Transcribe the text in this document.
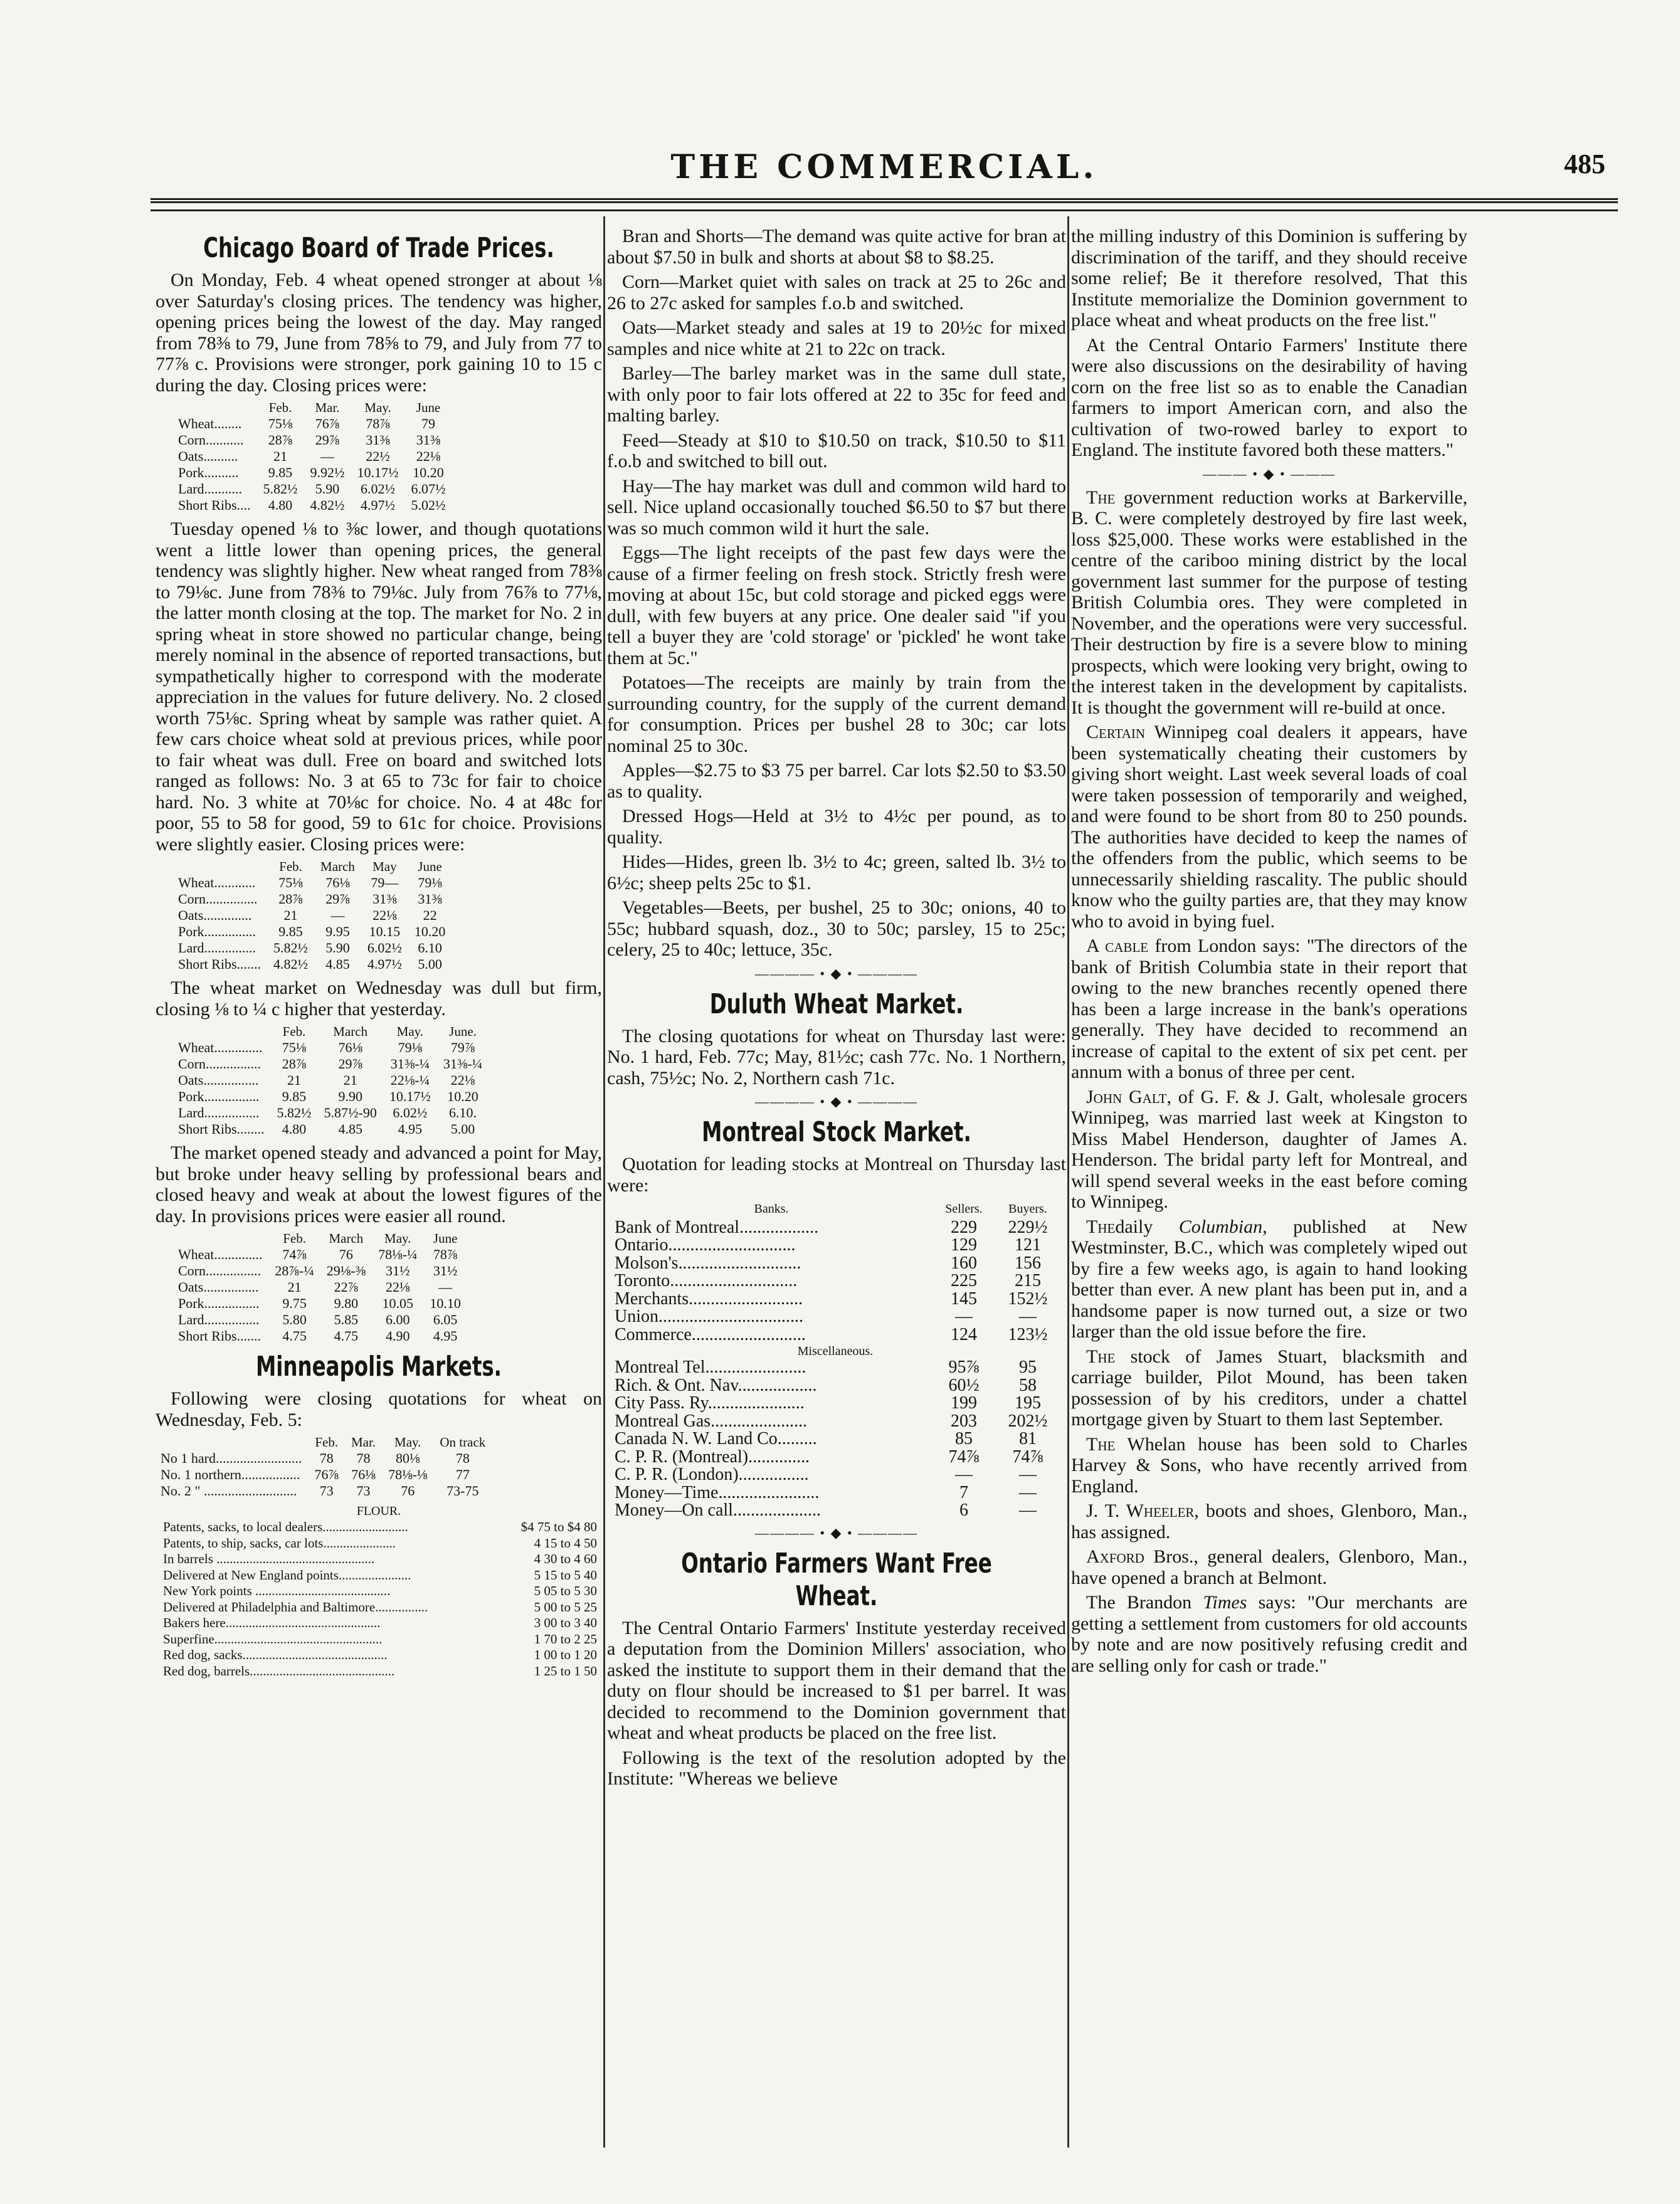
THE COMMERCIAL.	485
Chicago Board of Trade Prices.

On Monday, Feb. 4 wheat opened stronger at about ⅛ over Saturday's closing prices. The tendency was higher, opening prices being the lowest of the day. May ranged from 78⅜ to 79, June from 78⅝ to 79, and July from 77 to 77⅞ c. Provisions were stronger, pork gaining 10 to 15 c during the day. Closing prices were:

	Feb.	Mar.	May.	June
Wheat........	75⅛	76⅞	78⅞	79
Corn...........	28⅞	29⅞	31⅜	31⅜
Oats..........	21	—	22½	22⅛
Pork..........	9.85	9.92½	10.17½	10.20
Lard...........	5.82½	5.90	6.02½	6.07½
Short Ribs....	4.80	4.82½	4.97½	5.02½

Tuesday opened ⅛ to ⅜c lower, and though quotations went a little lower than opening prices, the general tendency was slightly higher. New wheat ranged from 78⅜ to 79⅛c. June from 78⅜ to 79⅛c. July from 76⅞ to 77⅛, the latter month closing at the top. The market for No. 2 in spring wheat in store showed no particular change, being merely nominal in the absence of reported transactions, but sympathetically higher to correspond with the moderate appreciation in the values for future delivery. No. 2 closed worth 75⅛c. Spring wheat by sample was rather quiet. A few cars choice wheat sold at previous prices, while poor to fair wheat was dull. Free on board and switched lots ranged as follows: No. 3 at 65 to 73c for fair to choice hard. No. 3 white at 70⅛c for choice. No. 4 at 48c for poor, 55 to 58 for good, 59 to 61c for choice. Provisions were slightly easier. Closing prices were:

	Feb.	March	May	June
Wheat............	75⅛	76⅛	79—	79⅛
Corn...............	28⅞	29⅞	31⅜	31⅜
Oats..............	21	—	22⅛	22
Pork...............	9.85	9.95	10.15	10.20
Lard...............	5.82½	5.90	6.02½	6.10
Short Ribs.......	4.82½	4.85	4.97½	5.00

The wheat market on Wednesday was dull but firm, closing ⅛ to ¼ c higher that yesterday.

	Feb.	March	May.	June.
Wheat..............	75⅛	76⅛	79⅛	79⅞
Corn................	28⅞	29⅞	31⅜-¼	31⅜-¼
Oats................	21	21	22⅛-¼	22⅛
Pork................	9.85	9.90	10.17½	10.20
Lard................	5.82½	5.87½-90	6.02½	6.10.
Short Ribs........	4.80	4.85	4.95	5.00

The market opened steady and advanced a point for May, but broke under heavy selling by professional bears and closed heavy and weak at about the lowest figures of the day. In provisions prices were easier all round.

	Feb.	March	May.	June
Wheat..............	74⅞	76	78⅛-¼	78⅞
Corn................	28⅞-¼	29⅛-⅜	31½	31½
Oats................	21	22⅞	22⅛	—
Pork................	9.75	9.80	10.05	10.10
Lard................	5.80	5.85	6.00	6.05
Short Ribs.......	4.75	4.75	4.90	4.95
Minneapolis Markets.

Following were closing quotations for wheat on Wednesday, Feb. 5:

	Feb.	Mar.	May.	On track
No 1 hard.........................	78	78	80⅛	78
No. 1 northern.................	76⅞	76⅛	78⅛-⅛	77
No. 2 " ...........................	73	73	76	73-75
FLOUR.
Patents, sacks, to local dealers..........................	$4 75 to $4 80
Patents, to ship, sacks, car lots......................	4 15 to 4 50
In barrels ................................................	4 30 to 4 60
Delivered at New England points......................	5 15 to 5 40
New York points .........................................	5 05 to 5 30
Delivered at Philadelphia and Baltimore................	5 00 to 5 25
Bakers here...............................................	3 00 to 3 40
Superfine...................................................	1 70 to 2 25
Red dog, sacks............................................	1 00 to 1 20
Red dog, barrels............................................	1 25 to 1 50

Bran and Shorts—The demand was quite active for bran at about $7.50 in bulk and shorts at about $8 to $8.25.

Corn—Market quiet with sales on track at 25 to 26c and 26 to 27c asked for samples f.o.b and switched.

Oats—Market steady and sales at 19 to 20½c for mixed samples and nice white at 21 to 22c on track.

Barley—The barley market was in the same dull state, with only poor to fair lots offered at 22 to 35c for feed and malting barley.

Feed—Steady at $10 to $10.50 on track, $10.50 to $11 f.o.b and switched to bill out.

Hay—The hay market was dull and common wild hard to sell. Nice upland occasionally touched $6.50 to $7 but there was so much common wild it hurt the sale.

Eggs—The light receipts of the past few days were the cause of a firmer feeling on fresh stock. Strictly fresh were moving at about 15c, but cold storage and picked eggs were dull, with few buyers at any price. One dealer said "if you tell a buyer they are 'cold storage' or 'pickled' he wont take them at 5c."

Potatoes—The receipts are mainly by train from the surrounding country, for the supply of the current demand for consumption. Prices per bushel 28 to 30c; car lots nominal 25 to 30c.

Apples—$2.75 to $3 75 per barrel. Car lots $2.50 to $3.50 as to quality.

Dressed Hogs—Held at 3½ to 4½c per pound, as to quality.

Hides—Hides, green lb. 3½ to 4c; green, salted lb. 3½ to 6½c; sheep pelts 25c to $1.

Vegetables—Beets, per bushel, 25 to 30c; onions, 40 to 55c; hubbard squash, doz., 30 to 50c; parsley, 15 to 25c; celery, 25 to 40c; lettuce, 35c.

———— • ◆ • ————
Duluth Wheat Market.

The closing quotations for wheat on Thursday last were: No. 1 hard, Feb. 77c; May, 81½c; cash 77c. No. 1 Northern, cash, 75½c; No. 2, Northern cash 71c.

———— • ◆ • ————
Montreal Stock Market.

Quotation for leading stocks at Montreal on Thursday last were:

Banks.	Sellers.	Buyers.
Bank of Montreal..................	229	229½
Ontario.............................	129	121
Molson's............................	160	156
Toronto.............................	225	215
Merchants..........................	145	152½
Union.................................	—	—
Commerce..........................	124	123½
Miscellaneous.		
Montreal Tel.......................	95⅞	95
Rich. & Ont. Nav..................	60½	58
City Pass. Ry......................	199	195
Montreal Gas......................	203	202½
Canada N. W. Land Co.........	85	81
C. P. R. (Montreal)..............	74⅞	74⅞
C. P. R. (London)................	—	—
Money—Time.......................	7	—
Money—On call....................	6	—
———— • ◆ • ————
Ontario Farmers Want Free Wheat.

The Central Ontario Farmers' Institute yesterday received a deputation from the Dominion Millers' association, who asked the institute to support them in their demand that the duty on flour should be increased to $1 per barrel. It was decided to recommend to the Dominion government that wheat and wheat products be placed on the free list.

Following is the text of the resolution adopted by the Institute: "Whereas we believe

the milling industry of this Dominion is suffering by discrimination of the tariff, and they should receive some relief; Be it therefore resolved, That this Institute memorialize the Dominion government to place wheat and wheat products on the free list."

At the Central Ontario Farmers' Institute there were also discussions on the desirability of having corn on the free list so as to enable the Canadian farmers to import American corn, and also the cultivation of two-rowed barley to export to England. The institute favored both these matters."

——— • ◆ • ———

The government reduction works at Barkerville, B. C. were completely destroyed by fire last week, loss $25,000. These works were established in the centre of the cariboo mining district by the local government last summer for the purpose of testing British Columbia ores. They were completed in November, and the operations were very successful. Their destruction by fire is a severe blow to mining prospects, which were looking very bright, owing to the interest taken in the development by capitalists. It is thought the government will re-build at once.

Certain Winnipeg coal dealers it appears, have been systematically cheating their customers by giving short weight. Last week several loads of coal were taken possession of temporarily and weighed, and were found to be short from 80 to 250 pounds. The authorities have decided to keep the names of the offenders from the public, which seems to be unnecessarily shielding rascality. The public should know who the guilty parties are, that they may know who to avoid in bying fuel.

A cable from London says: "The directors of the bank of British Columbia state in their report that owing to the new branches recently opened there has been a large increase in the bank's operations generally. They have decided to recommend an increase of capital to the extent of six pet cent. per annum with a bonus of three per cent.

John Galt, of G. F. & J. Galt, wholesale grocers Winnipeg, was married last week at Kingston to Miss Mabel Henderson, daughter of James A. Henderson. The bridal party left for Montreal, and will spend several weeks in the east before coming to Winnipeg.

Thedaily Columbian, published at New Westminster, B.C., which was completely wiped out by fire a few weeks ago, is again to hand looking better than ever. A new plant has been put in, and a handsome paper is now turned out, a size or two larger than the old issue before the fire.

The stock of James Stuart, blacksmith and carriage builder, Pilot Mound, has been taken possession of by his creditors, under a chattel mortgage given by Stuart to them last September.

The Whelan house has been sold to Charles Harvey & Sons, who have recently arrived from England.

J. T. Wheeler, boots and shoes, Glenboro, Man., has assigned.

Axford Bros., general dealers, Glenboro, Man., have opened a branch at Belmont.

The Brandon Times says: "Our merchants are getting a settlement from customers for old accounts by note and are now positively refusing credit and are selling only for cash or trade."
